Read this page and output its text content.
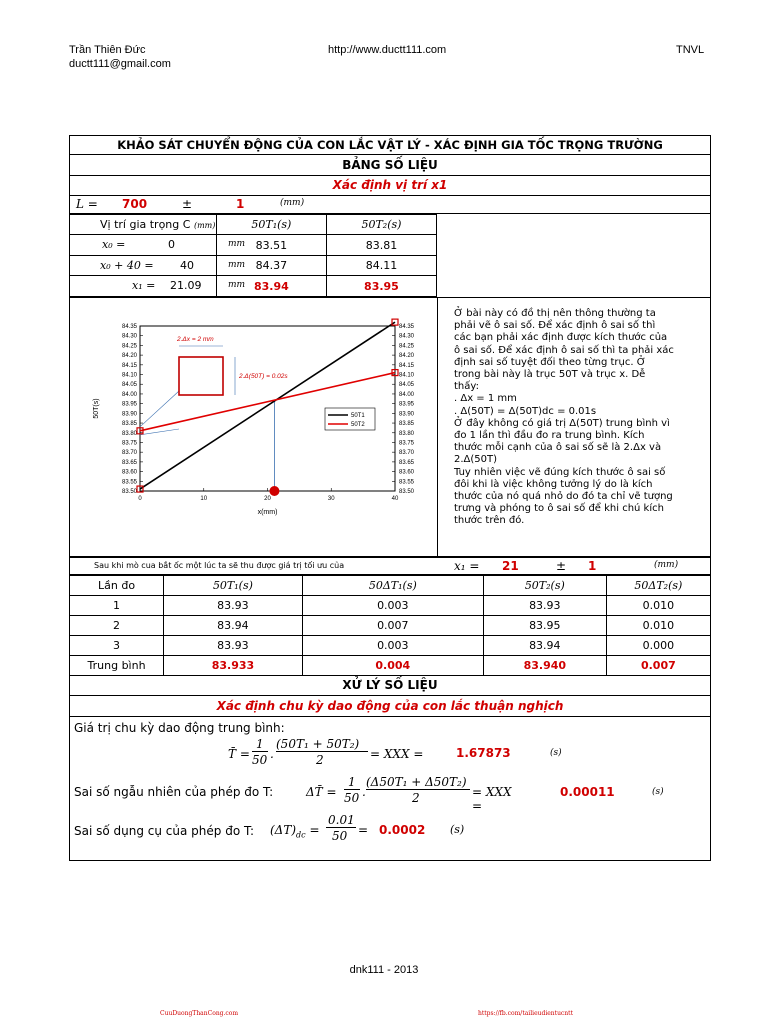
Trần Thiên Đức
ductt111@gmail.com
http://www.ductt111.com	TNVL
KHẢO SÁT CHUYỂN ĐỘNG CỦA CON LẮC VẬT LÝ - XÁC ĐỊNH GIA TỐC TRỌNG TRƯỜNG
BẢNG SỐ LIỆU
Xác định vị trí x1
L = 700	±	1	(mm)
Vị trí gia trọng C (mm)	50T₁(s)	50T₂(s)

x₀ = 0 mm	83.51	83.81

x₀ + 40 = 40 mm	84.37	84.11

x₁ = 21.09 mm	83.94	83.95
84.35	84.35
84.30	84.30
84.25	84.25
84.20	84.20
84.15	84.15
84.10	84.10
84.05	84.05
84.00	84.00
83.95	83.95
83.90	83.90
83.85	83.85
83.80	83.80
83.75	83.75
83.70	83.70
83.65	83.65
83.60	83.60
83.55	83.55
83.50	83.50
0	10	20	30	40
x(mm)
50T(s)
2.Δx = 2 mm
2.Δ(50T) = 0.02s
50T1
50T2
Ở bài này có đồ thị nên thông thường ta
phải vẽ ô sai số. Để xác định ô sai số thì
các bạn phải xác định được kích thước của
ô sai số. Để xác định ô sai số thì ta phải xác
định sai số tuyệt đối theo từng trục. Ở
trong bài này là trục 50T và trục x. Dễ
thấy:
. Δx = 1 mm
. Δ(50T) = Δ(50T)dc = 0.01s
Ở đây không có giá trị Δ(50T) trung bình vì
đo 1 lần thì đầu đo ra trung bình. Kích
thước mỗi cạnh của ô sai số sẽ là 2.Δx và
2.Δ(50T)
Tuy nhiên việc vẽ đúng kích thước ô sai số
đôi khi là việc không tưởng lý do là kích
thước của nó quá nhỏ do đó ta chỉ vẽ tượng
trưng và phóng to ô sai số để khi chú kích
thước trên đó.
Sau khi mò cua bắt ốc một lúc ta sẽ thu được giá trị tối ưu của	x₁ = 21	± 1	(mm)
Lần đo	50T₁(s)	50ΔT₁(s)	50T₂(s)	50ΔT₂(s)
1	83.93	0.003	83.93	0.010
2	83.94	0.007	83.95	0.010
3	83.93	0.003	83.94	0.000
Trung bình	83.933	0.004	83.940	0.007
XỬ LÝ SỐ LIỆU
Xác định chu kỳ dao động của con lắc thuận nghịch
Giá trị chu kỳ dao động trung bình:
T̄ =
1
50 .
(50T₁ + 50T₂)
2	= XXX =	1.67873	(s)
Sai số ngẫu nhiên của phép đo T:	ΔT̄ =
1
50 .
(Δ50T₁ + Δ50T₂)
2	= XXX =
0.00011	(s)
Sai số dụng cụ của phép đo T: $(\Delta T)_{dc}$ =
0.01
50 = 0.0002 (s)
dnk111 - 2013
CuuDuongThanCong.com	https://fb.com/tailieudientucntt
